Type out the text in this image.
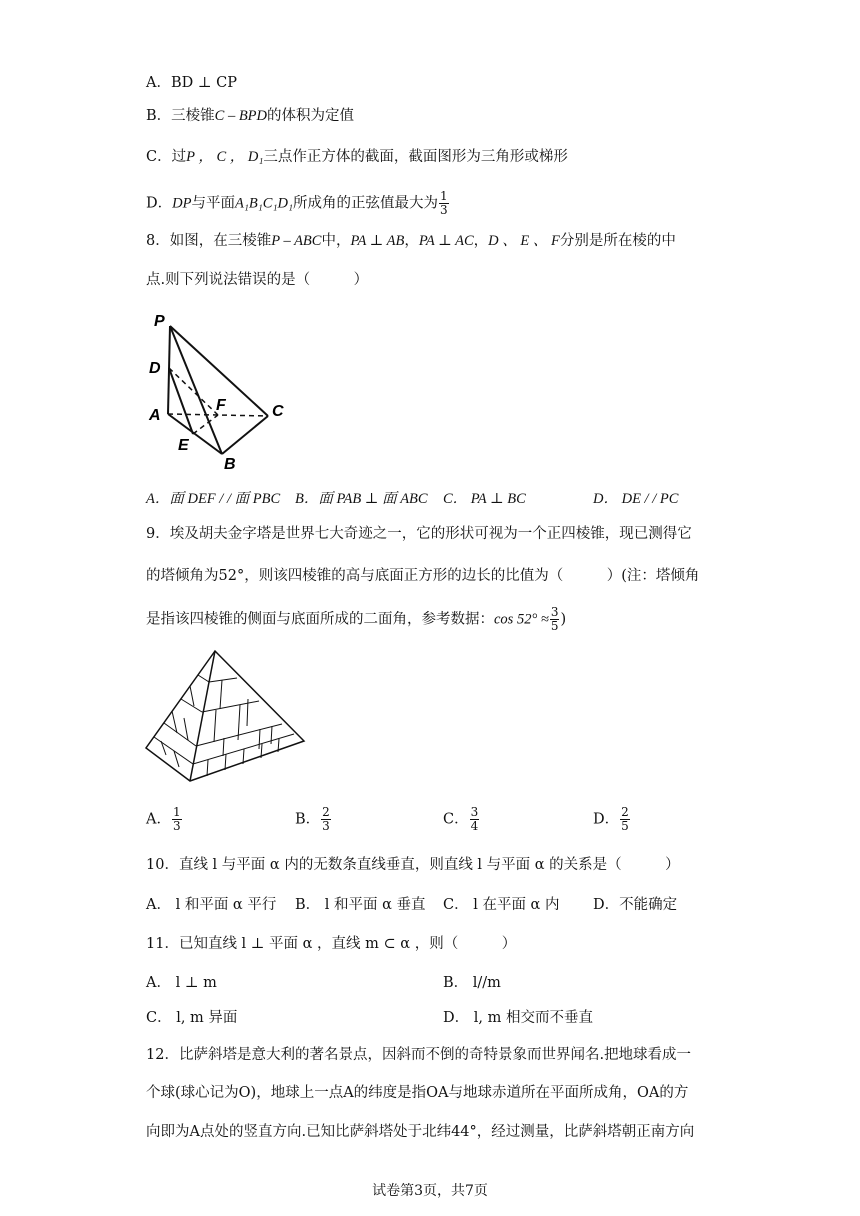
A．BD ⊥ CP
B．三棱锥C – BPD的体积为定值
C．过P ， C ， D₁三点作正方体的截面，截面图形为三角形或梯形
D．DP与平面A₁B₁C₁D₁所成角的正弦值最大为 $\frac{1}{3}$
8．如图，在三棱锥P – ABC中，PA ⊥ AB，PA ⊥ AC，D 、 E 、 F分别是所在棱的中
点.则下列说法错误的是（　　　）
P
D
A
F	C
E
B
A．面 DEF / / 面 PBC B．面 PAB ⊥ 面 ABC C． PA ⊥ BC	D． DE / / PC
9．埃及胡夫金字塔是世界七大奇迹之一，它的形状可视为一个正四棱锥，现已测得它
的塔倾角为52°，则该四棱锥的高与底面正方形的边长的比值为（　　　）(注：塔倾角
是指该四棱锥的侧面与底面所成的二面角，参考数据：$\cos 52^\circ \approx \frac{3}{5}$ )
A． $\frac{1}{3}$	B． $\frac{2}{3}$	C． $\frac{3}{4}$	D． $\frac{2}{5}$
10．直线 l 与平面 α 内的无数条直线垂直，则直线 l 与平面 α 的关系是（　　　）
A． l 和平面 α 平行 B． l 和平面 α 垂直 C． l 在平面 α 内 D．不能确定
11．已知直线 l ⊥ 平面 α ，直线 m ⊂ α ，则（　　　）
A． l ⊥ m	B． l//m
C． l, m 异面	D． l, m 相交而不垂直
12．比萨斜塔是意大利的著名景点，因斜而不倒的奇特景象而世界闻名.把地球看成一
个球(球心记为O)，地球上一点A的纬度是指OA与地球赤道所在平面所成角，OA的方
向即为A点处的竖直方向.已知比萨斜塔处于北纬44°，经过测量，比萨斜塔朝正南方向
试卷第3页，共7页
